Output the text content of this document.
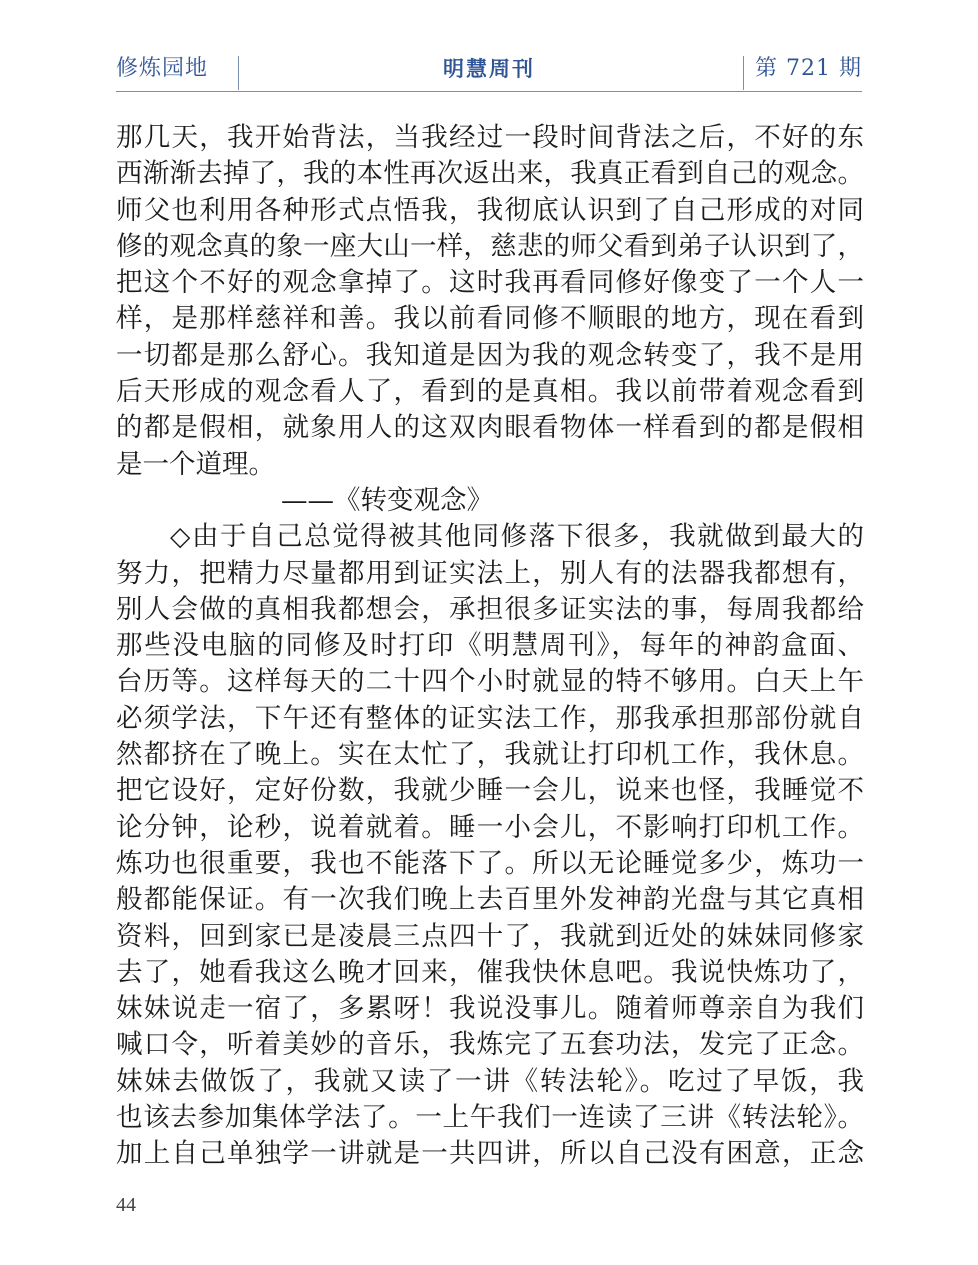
修炼园地	明慧周刊	第 721 期
那几天，我开始背法，当我经过一段时间背法之后，不好的东
西渐渐去掉了，我的本性再次返出来，我真正看到自己的观念。
师父也利用各种形式点悟我，我彻底认识到了自己形成的对同
修的观念真的象一座大山一样，慈悲的师父看到弟子认识到了，
把这个不好的观念拿掉了。这时我再看同修好像变了一个人一
样，是那样慈祥和善。我以前看同修不顺眼的地方，现在看到
一切都是那么舒心。我知道是因为我的观念转变了，我不是用
后天形成的观念看人了，看到的是真相。我以前带着观念看到
的都是假相，就象用人的这双肉眼看物体一样看到的都是假相
是一个道理。
——《转变观念》
◇由于自己总觉得被其他同修落下很多，我就做到最大的
努力，把精力尽量都用到证实法上，别人有的法器我都想有，
别人会做的真相我都想会，承担很多证实法的事，每周我都给
那些没电脑的同修及时打印《明慧周刊》，每年的神韵盒面、
台历等。这样每天的二十四个小时就显的特不够用。白天上午
必须学法，下午还有整体的证实法工作，那我承担那部份就自
然都挤在了晚上。实在太忙了，我就让打印机工作，我休息。
把它设好，定好份数，我就少睡一会儿，说来也怪，我睡觉不
论分钟，论秒，说着就着。睡一小会儿，不影响打印机工作。
炼功也很重要，我也不能落下了。所以无论睡觉多少，炼功一
般都能保证。有一次我们晚上去百里外发神韵光盘与其它真相
资料，回到家已是凌晨三点四十了，我就到近处的妹妹同修家
去了，她看我这么晚才回来，催我快休息吧。我说快炼功了，
妹妹说走一宿了，多累呀！我说没事儿。随着师尊亲自为我们
喊口令，听着美妙的音乐，我炼完了五套功法，发完了正念。
妹妹去做饭了，我就又读了一讲《转法轮》。吃过了早饭，我
也该去参加集体学法了。一上午我们一连读了三讲《转法轮》。
加上自己单独学一讲就是一共四讲，所以自己没有困意，正念
44
